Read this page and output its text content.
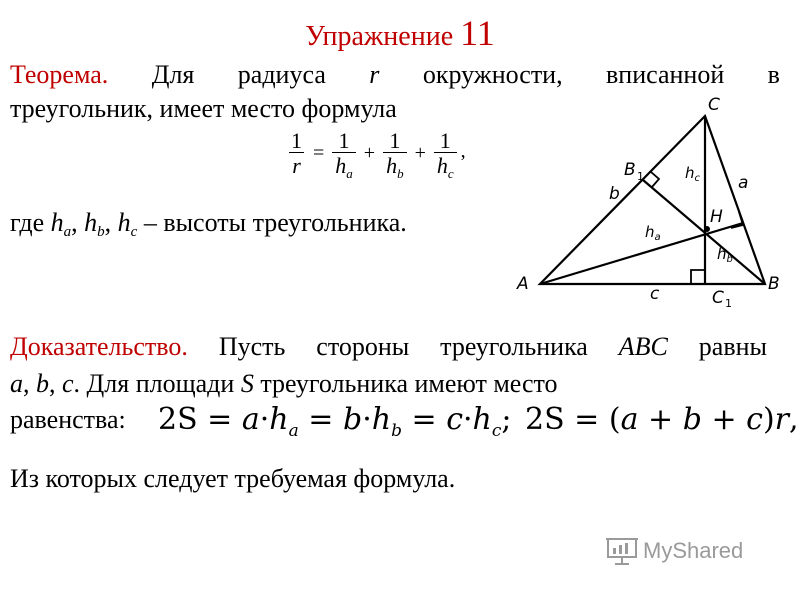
Упражнение 11
Теорема. Для радиуса r окружности, вписанной в
треугольник, имеет место формула
$\frac{1}{r} = \frac{1}{h_a} + \frac{1}{h_b} + \frac{1}{h_c}$ ,
где $h_a$, $h_b$, $h_c$ – высоты треугольника.
C
A	B
H
B 1
C 1
a
b
c
$h_c$
$h_a$
$h_b$
Доказательство. Пусть стороны треугольника ABC равны
a, b, c. Для площади S треугольника имеют место
равенства: $2S = a\cdot h_a = b\cdot h_b = c\cdot h_c$; 2S = (a + b + c)r,
Из которых следует требуемая формула.
MyShared
